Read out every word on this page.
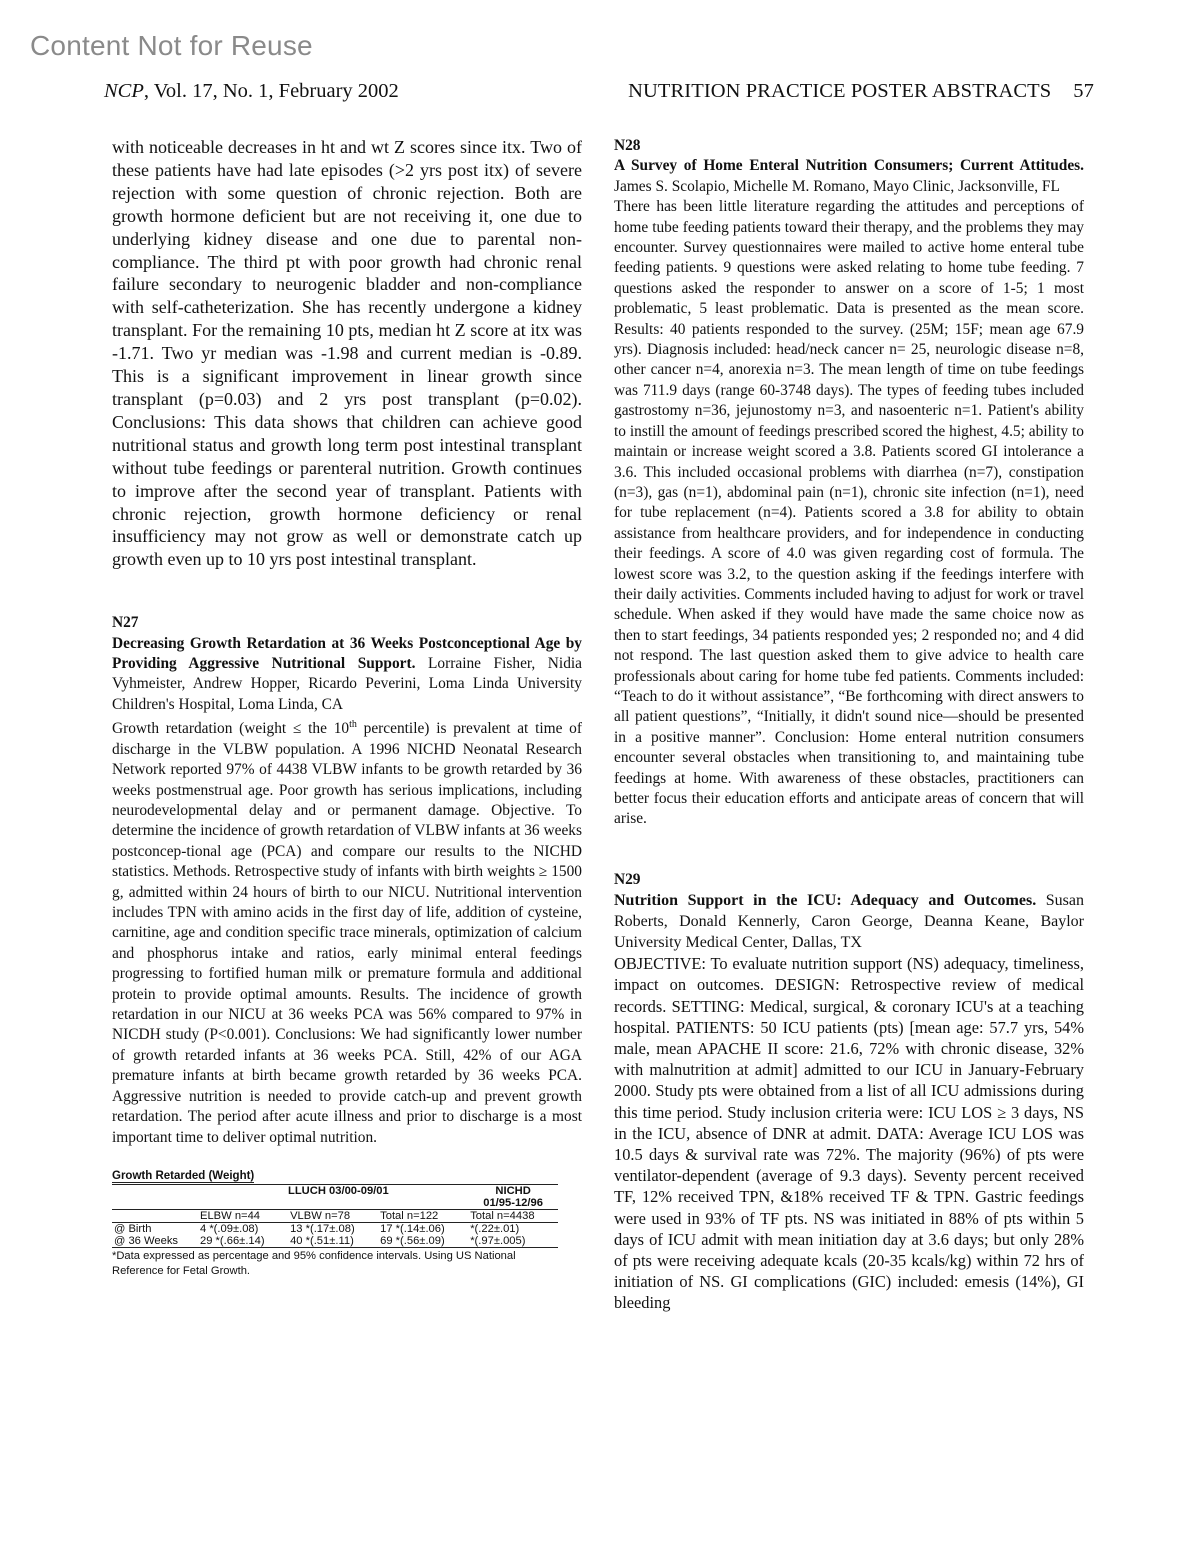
Content Not for Reuse
NCP, Vol. 17, No. 1, February 2002	NUTRITION PRACTICE POSTER ABSTRACTS 57

with noticeable decreases in ht and wt Z scores since itx. Two of these patients have had late episodes (>2 yrs post itx) of severe rejection with some question of chronic rejection. Both are growth hormone deficient but are not receiving it, one due to underlying kidney disease and one due to parental non-compliance. The third pt with poor growth had chronic renal failure secondary to neurogenic bladder and non-compliance with self-catheterization. She has recently undergone a kidney transplant. For the remaining 10 pts, median ht Z score at itx was -1.71. Two yr median was -1.98 and current median is -0.89. This is a significant improvement in linear growth since transplant (p=0.03) and 2 yrs post transplant (p=0.02). Conclusions: This data shows that children can achieve good nutritional status and growth long term post intestinal transplant without tube feedings or parenteral nutrition. Growth continues to improve after the second year of transplant. Patients with chronic rejection, growth hormone deficiency or renal insufficiency may not grow as well or demonstrate catch up growth even up to 10 yrs post intestinal transplant.

N27

Decreasing Growth Retardation at 36 Weeks Postconceptional Age by Providing Aggressive Nutritional Support. Lorraine Fisher, Nidia Vyhmeister, Andrew Hopper, Ricardo Peverini, Loma Linda University Children's Hospital, Loma Linda, CA

Growth retardation (weight ≤ the 10th percentile) is prevalent at time of discharge in the VLBW population. A 1996 NICHD Neonatal Research Network reported 97% of 4438 VLBW infants to be growth retarded by 36 weeks postmenstrual age. Poor growth has serious implications, including neurodevelopmental delay and or permanent damage. Objective. To determine the incidence of growth retardation of VLBW infants at 36 weeks postconcep-tional age (PCA) and compare our results to the NICHD statistics. Methods. Retrospective study of infants with birth weights ≥ 1500 g, admitted within 24 hours of birth to our NICU. Nutritional intervention includes TPN with amino acids in the first day of life, addition of cysteine, carnitine, age and condition specific trace minerals, optimization of calcium and phosphorus intake and ratios, early minimal enteral feedings progressing to fortified human milk or premature formula and additional protein to provide optimal amounts. Results. The incidence of growth retardation in our NICU at 36 weeks PCA was 56% compared to 97% in NICDH study (P<0.001). Conclusions: We had significantly lower number of growth retarded infants at 36 weeks PCA. Still, 42% of our AGA premature infants at birth became growth retarded by 36 weeks PCA. Aggressive nutrition is needed to provide catch-up and prevent growth retardation. The period after acute illness and prior to discharge is a most important time to deliver optimal nutrition.

Growth Retarded (Weight)
	LLUCH 03/00-09/01			NICHD
				01/95-12/96
	ELBW n=44	VLBW n=78	Total n=122	Total n=4438
@ Birth	4 *(.09±.08)	13 *(.17±.08)	17 *(.14±.06)	*(.22±.01)
@ 36 Weeks	29 *(.66±.14)	40 *(.51±.11)	69 *(.56±.09)	*(.97±.005)
*Data expressed as percentage and 95% confidence intervals. Using US National Reference for Fetal Growth.
N28

A Survey of Home Enteral Nutrition Consumers; Current Attitudes. James S. Scolapio, Michelle M. Romano, Mayo Clinic, Jacksonville, FL

There has been little literature regarding the attitudes and perceptions of home tube feeding patients toward their therapy, and the problems they may encounter. Survey questionnaires were mailed to active home enteral tube feeding patients. 9 questions were asked relating to home tube feeding. 7 questions asked the responder to answer on a score of 1-5; 1 most problematic, 5 least problematic. Data is presented as the mean score. Results: 40 patients responded to the survey. (25M; 15F; mean age 67.9 yrs). Diagnosis included: head/neck cancer n= 25, neurologic disease n=8, other cancer n=4, anorexia n=3. The mean length of time on tube feedings was 711.9 days (range 60-3748 days). The types of feeding tubes included gastrostomy n=36, jejunostomy n=3, and nasoenteric n=1. Patient's ability to instill the amount of feedings prescribed scored the highest, 4.5; ability to maintain or increase weight scored a 3.8. Patients scored GI intolerance a 3.6. This included occasional problems with diarrhea (n=7), constipation (n=3), gas (n=1), abdominal pain (n=1), chronic site infection (n=1), need for tube replacement (n=4). Patients scored a 3.8 for ability to obtain assistance from healthcare providers, and for independence in conducting their feedings. A score of 4.0 was given regarding cost of formula. The lowest score was 3.2, to the question asking if the feedings interfere with their daily activities. Comments included having to adjust for work or travel schedule. When asked if they would have made the same choice now as then to start feedings, 34 patients responded yes; 2 responded no; and 4 did not respond. The last question asked them to give advice to health care professionals about caring for home tube fed patients. Comments included: “Teach to do it without assistance”, “Be forthcoming with direct answers to all patient questions”, “Initially, it didn't sound nice—should be presented in a positive manner”. Conclusion: Home enteral nutrition consumers encounter several obstacles when transitioning to, and maintaining tube feedings at home. With awareness of these obstacles, practitioners can better focus their education efforts and anticipate areas of concern that will arise.

N29

Nutrition Support in the ICU: Adequacy and Outcomes. Susan Roberts, Donald Kennerly, Caron George, Deanna Keane, Baylor University Medical Center, Dallas, TX

OBJECTIVE: To evaluate nutrition support (NS) adequacy, timeliness, impact on outcomes. DESIGN: Retrospective review of medical records. SETTING: Medical, surgical, & coronary ICU's at a teaching hospital. PATIENTS: 50 ICU patients (pts) [mean age: 57.7 yrs, 54% male, mean APACHE II score: 21.6, 72% with chronic disease, 32% with malnutrition at admit] admitted to our ICU in January-February 2000. Study pts were obtained from a list of all ICU admissions during this time period. Study inclusion criteria were: ICU LOS ≥ 3 days, NS in the ICU, absence of DNR at admit. DATA: Average ICU LOS was 10.5 days & survival rate was 72%. The majority (96%) of pts were ventilator-dependent (average of 9.3 days). Seventy percent received TF, 12% received TPN, &18% received TF & TPN. Gastric feedings were used in 93% of TF pts. NS was initiated in 88% of pts within 5 days of ICU admit with mean initiation day at 3.6 days; but only 28% of pts were receiving adequate kcals (20-35 kcals/kg) within 72 hrs of initiation of NS. GI complications (GIC) included: emesis (14%), GI bleeding
